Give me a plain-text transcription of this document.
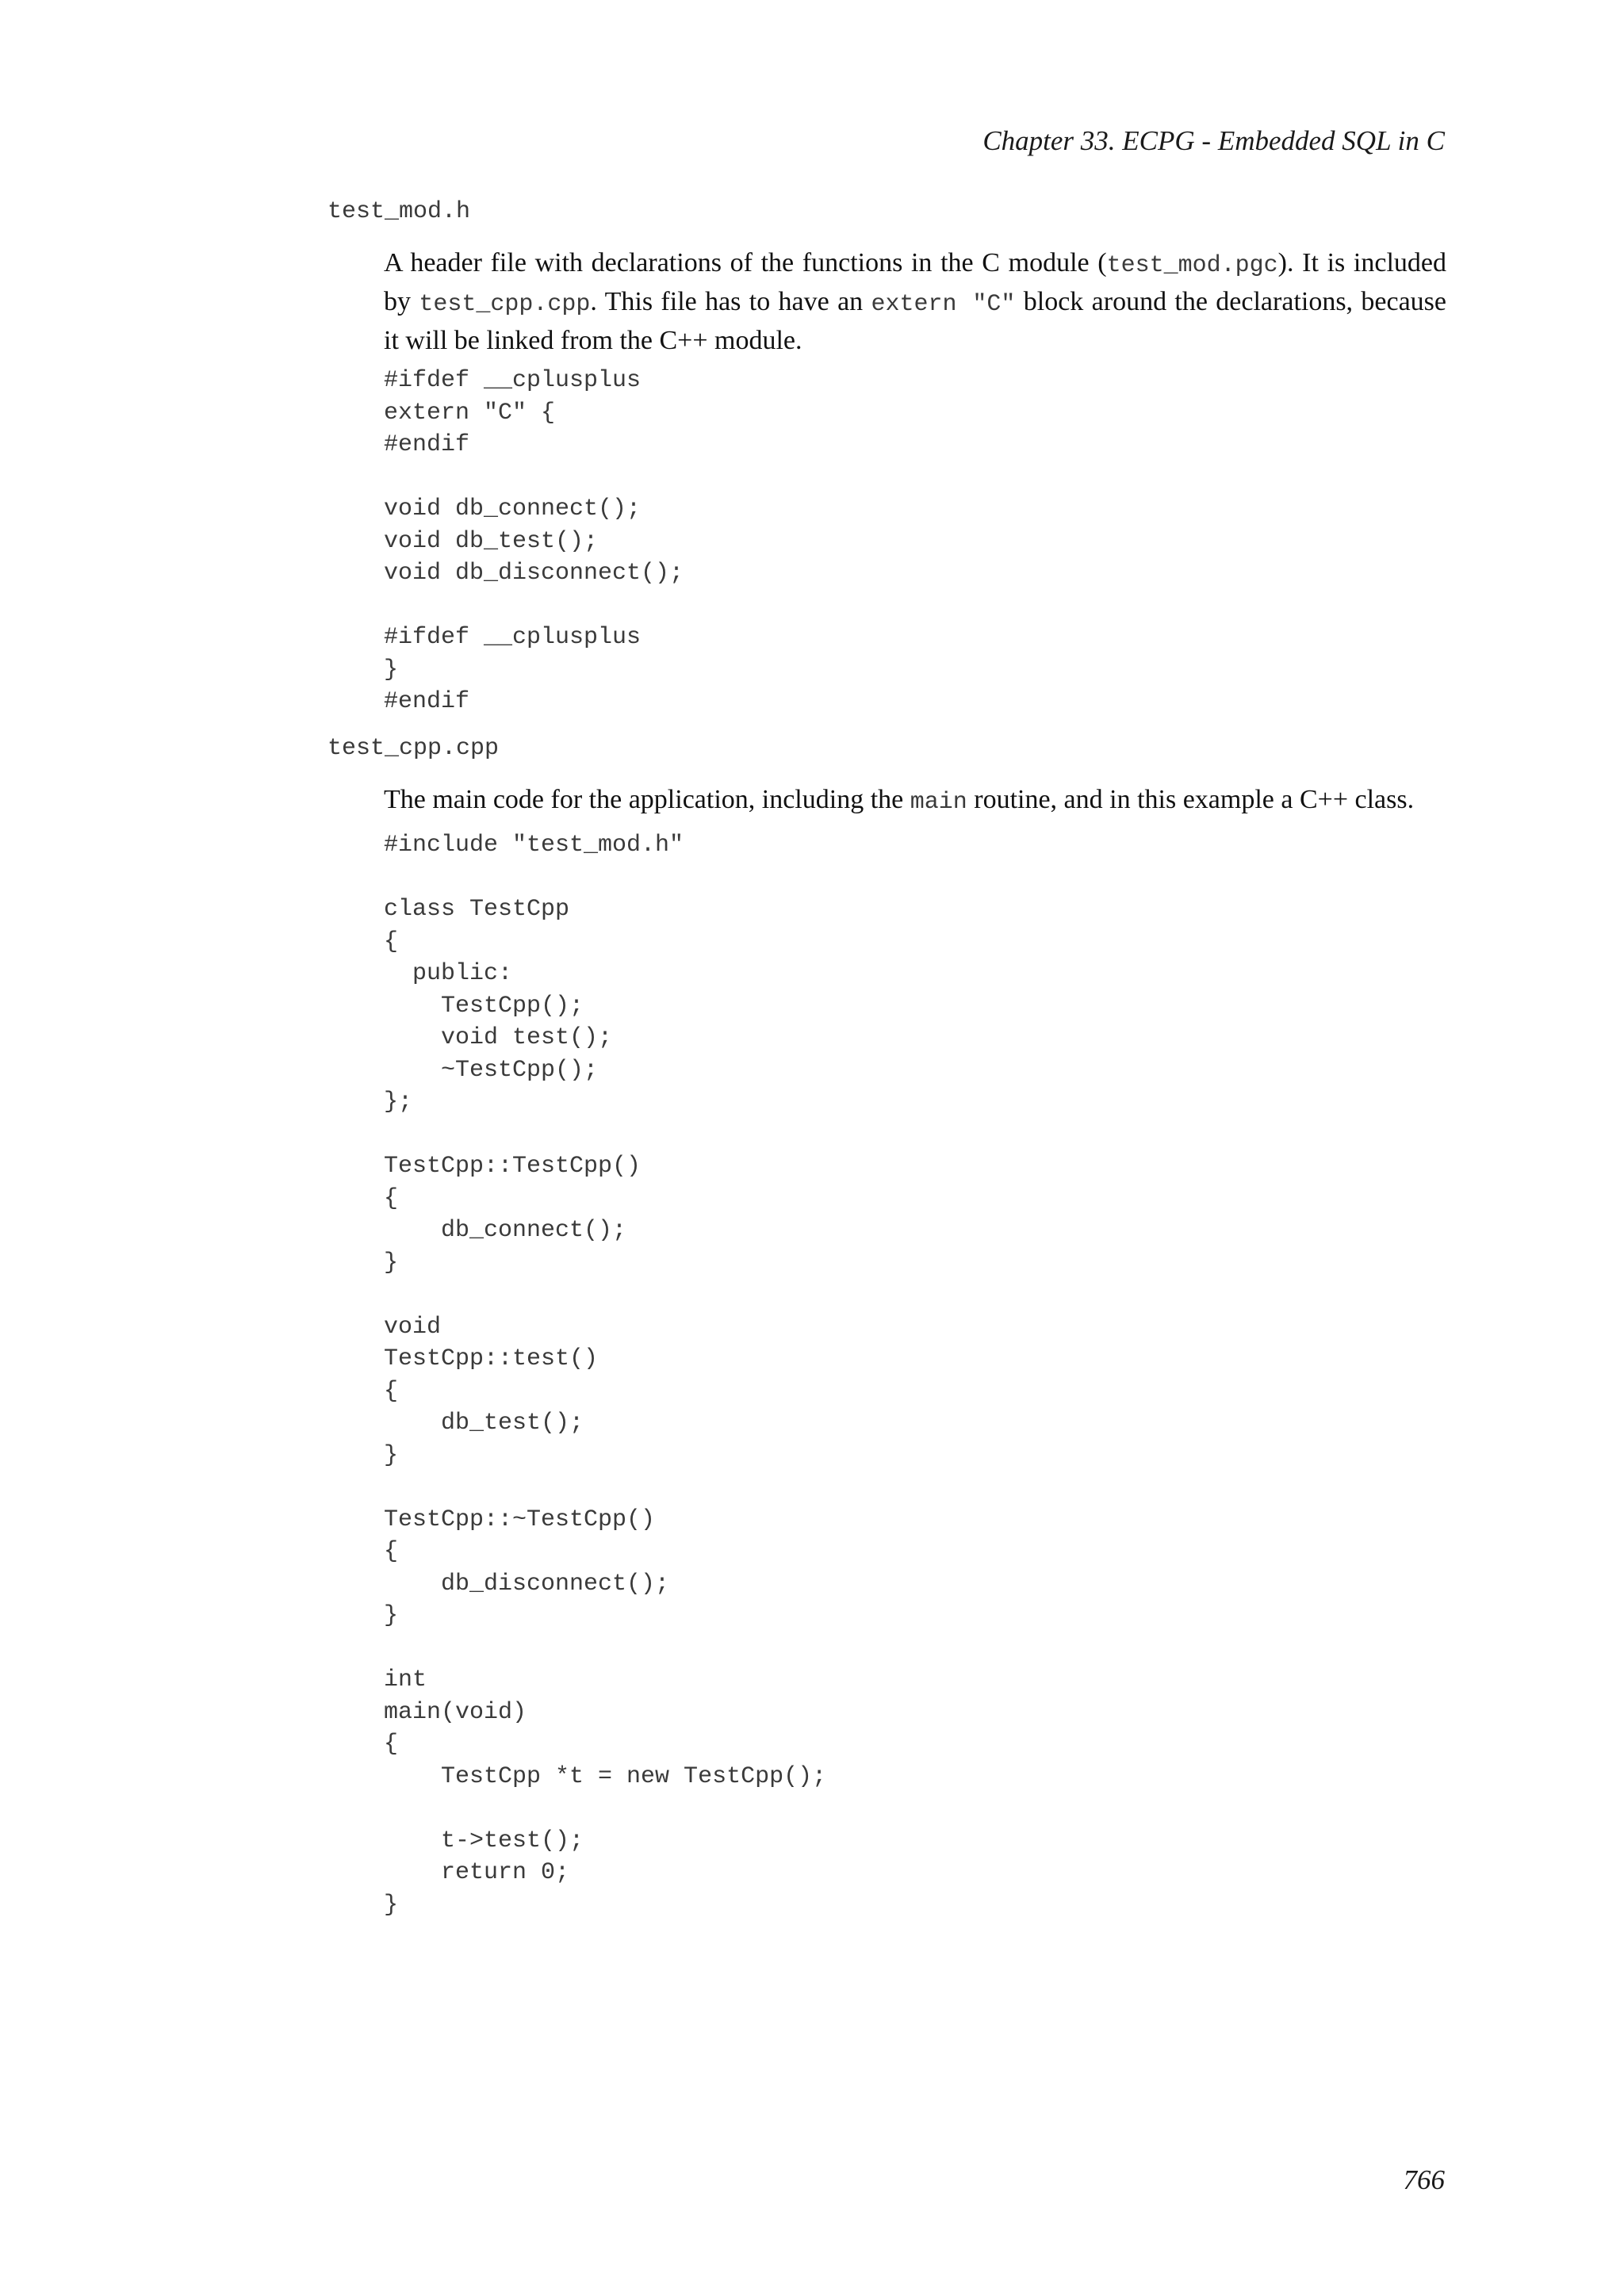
Chapter 33. ECPG - Embedded SQL in C
test_mod.h
A header file with declarations of the functions in the C module (test_mod.pgc). It is included by test_cpp.cpp. This file has to have an extern "C" block around the declarations, because it will be linked from the C++ module.
#ifdef __cplusplus
extern "C" {
#endif

void db_connect();
void db_test();
void db_disconnect();

#ifdef __cplusplus
}
#endif
test_cpp.cpp
The main code for the application, including the main routine, and in this example a C++ class.
#include "test_mod.h"

class TestCpp
{
public:
TestCpp();
void test();
~TestCpp();
};

TestCpp::TestCpp()
{
db_connect();
}

void
TestCpp::test()
{
db_test();
}

TestCpp::~TestCpp()
{
db_disconnect();
}

int
main(void)
{
TestCpp *t = new TestCpp();

t->test();
return 0;
}
766
